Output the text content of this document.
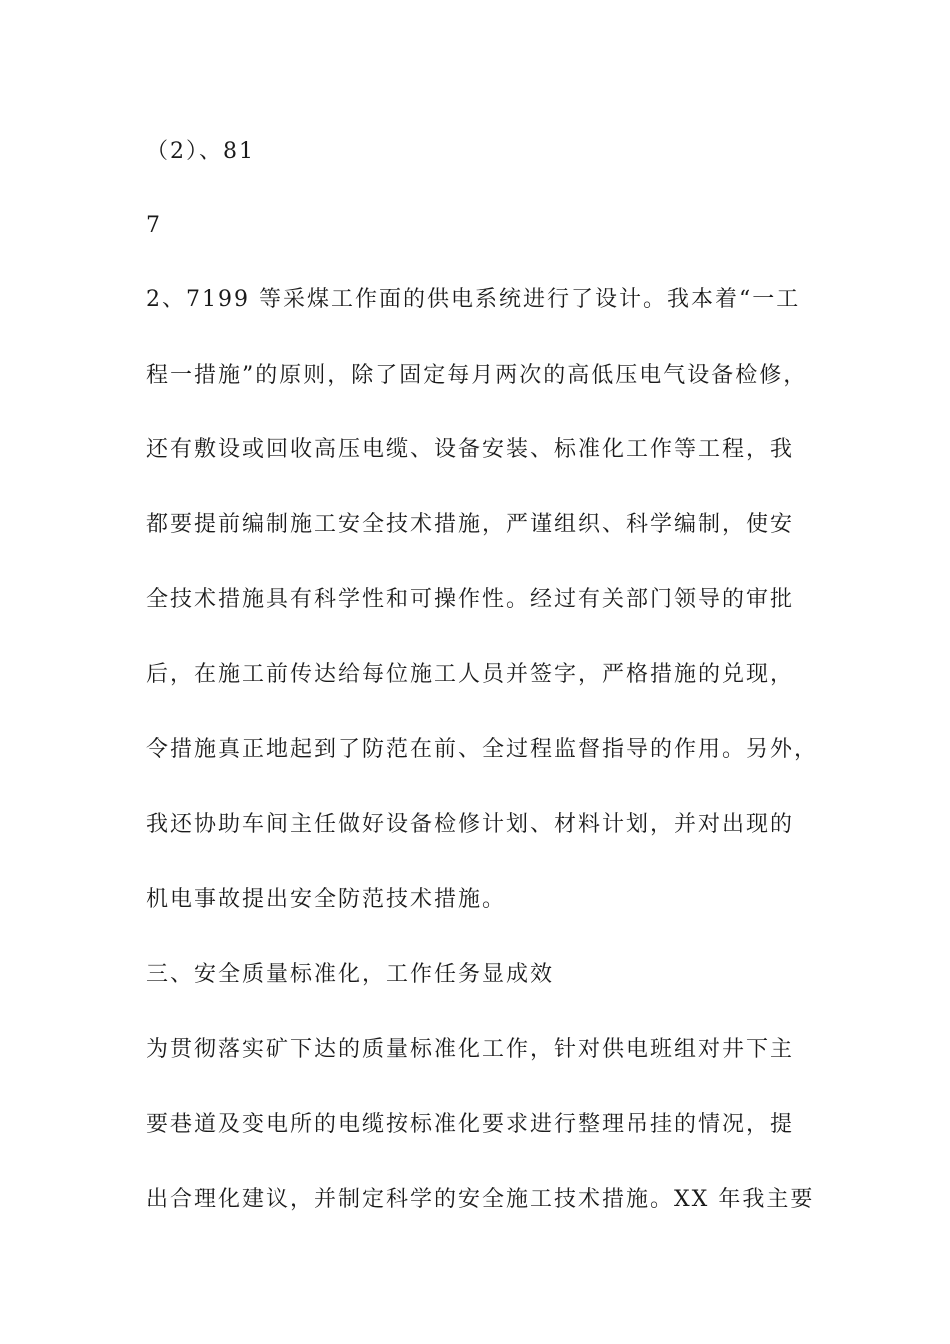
（2）、81
7
2、7199 等采煤工作面的供电系统进行了设计。我本着“一工
程一措施”的原则，除了固定每月两次的高低压电气设备检修，
还有敷设或回收高压电缆、设备安装、标准化工作等工程，我
都要提前编制施工安全技术措施，严谨组织、科学编制，使安
全技术措施具有科学性和可操作性。经过有关部门领导的审批
后，在施工前传达给每位施工人员并签字，严格措施的兑现，
令措施真正地起到了防范在前、全过程监督指导的作用。另外，
我还协助车间主任做好设备检修计划、材料计划，并对出现的
机电事故提出安全防范技术措施。
三、安全质量标准化，工作任务显成效
为贯彻落实矿下达的质量标准化工作，针对供电班组对井下主
要巷道及变电所的电缆按标准化要求进行整理吊挂的情况，提
出合理化建议，并制定科学的安全施工技术措施。XX 年我主要
